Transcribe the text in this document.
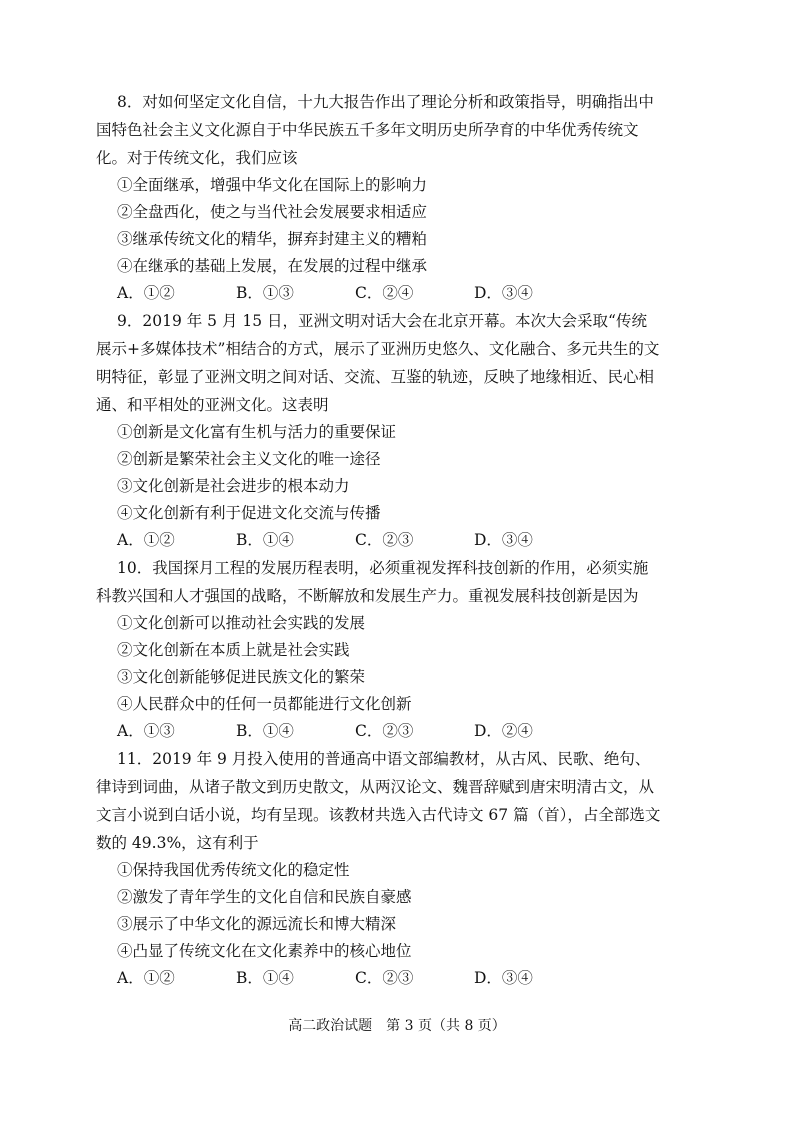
8．对如何坚定文化自信，十九大报告作出了理论分析和政策指导，明确指出中
国特色社会主义文化源自于中华民族五千多年文明历史所孕育的中华优秀传统文
化。对于传统文化，我们应该

①全面继承，增强中华文化在国际上的影响力

②全盘西化，使之与当代社会发展要求相适应

③继承传统文化的精华，摒弃封建主义的糟粕

④在继承的基础上发展，在发展的过程中继承

A．①②	B．①③	C．②④	D．③④

9．2019 年 5 月 15 日，亚洲文明对话大会在北京开幕。本次大会采取“传统
展示+多媒体技术”相结合的方式，展示了亚洲历史悠久、文化融合、多元共生的文
明特征，彰显了亚洲文明之间对话、交流、互鉴的轨迹，反映了地缘相近、民心相
通、和平相处的亚洲文化。这表明

①创新是文化富有生机与活力的重要保证

②创新是繁荣社会主义文化的唯一途径

③文化创新是社会进步的根本动力

④文化创新有利于促进文化交流与传播

A．①②	B．①④	C．②③	D．③④

10．我国探月工程的发展历程表明，必须重视发挥科技创新的作用，必须实施
科教兴国和人才强国的战略，不断解放和发展生产力。重视发展科技创新是因为

①文化创新可以推动社会实践的发展

②文化创新在本质上就是社会实践

③文化创新能够促进民族文化的繁荣

④人民群众中的任何一员都能进行文化创新

A．①③	B．①④	C．②③	D．②④

11．2019 年 9 月投入使用的普通高中语文部编教材，从古风、民歌、绝句、
律诗到词曲，从诸子散文到历史散文，从两汉论文、魏晋辞赋到唐宋明清古文，从
文言小说到白话小说，均有呈现。该教材共选入古代诗文 67 篇（首），占全部选文
数的 49.3%，这有利于

①保持我国优秀传统文化的稳定性

②激发了青年学生的文化自信和民族自豪感

③展示了中华文化的源远流长和博大精深

④凸显了传统文化在文化素养中的核心地位

A．①②	B．①④	C．②③	D．③④
高二政治试题　第 3 页（共 8 页）
